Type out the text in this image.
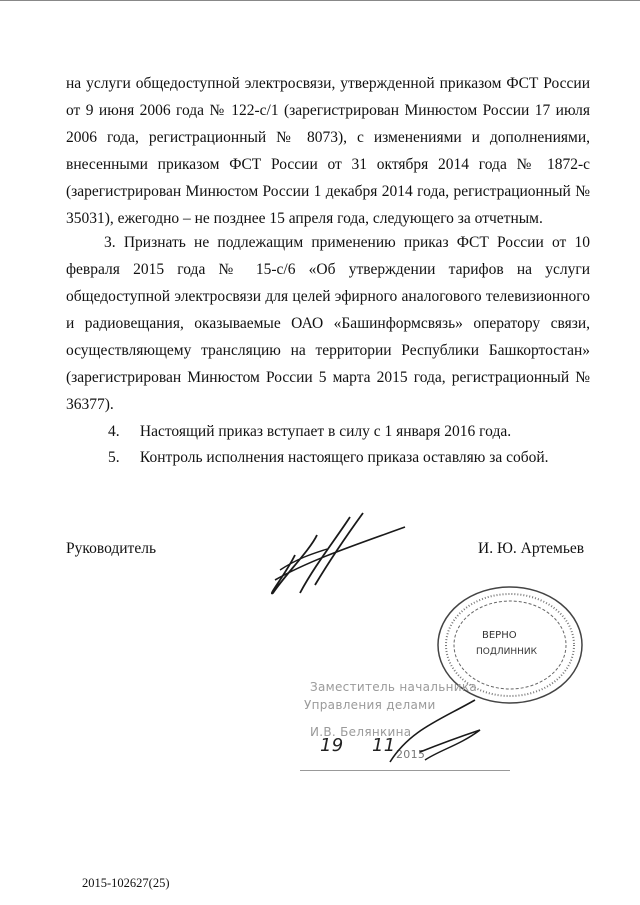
на услуги общедоступной электросвязи, утвержденной приказом ФСТ России от 9 июня 2006 года № 122-с/1 (зарегистрирован Минюстом России 17 июля 2006 года, регистрационный № 8073), с изменениями и дополнениями, внесенными приказом ФСТ России от 31 октября 2014 года № 1872-с (зарегистрирован Минюстом России 1 декабря 2014 года, регистрационный № 35031), ежегодно – не позднее 15 апреля года, следующего за отчетным.

3. Признать не подлежащим применению приказ ФСТ России от 10 февраля 2015 года № 15-с/6 «Об утверждении тарифов на услуги общедоступной электросвязи для целей эфирного аналогового телевизионного и радиовещания, оказываемые ОАО «Башинформсвязь» оператору связи, осуществляющему трансляцию на территории Республики Башкортостан» (зарегистрирован Минюстом России 5 марта 2015 года, регистрационный № 36377).

4. Настоящий приказ вступает в силу с 1 января 2016 года.
5. Контроль исполнения настоящего приказа оставляю за собой.
Руководитель	И. Ю. Артемьев
ВЕРНО
ПОДЛИННИК
Заместитель начальника
Управления делами
И.В. Белянкина
19 11 2015
2015-102627(25)
